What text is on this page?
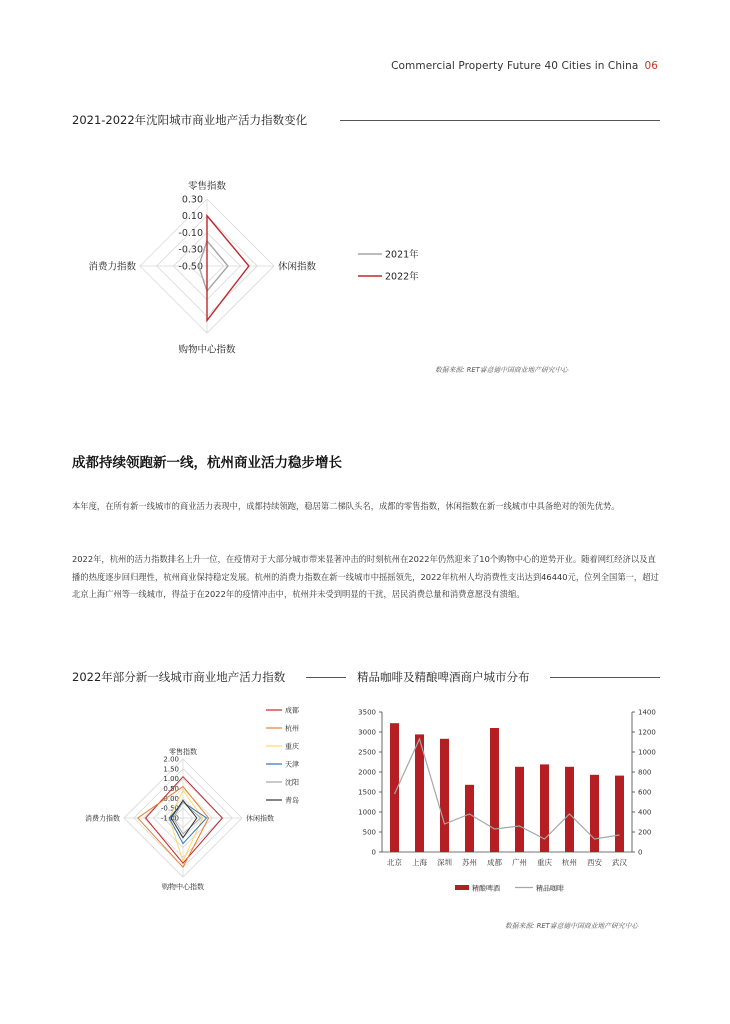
Commercial Property Future 40 Cities in China 06
2021-2022年沈阳城市商业地产活力指数变化
0.30
0.10
-0.10
-0.30
-0.50
零售指数
休闲指数
购物中心指数
消费力指数
2021年
2022年
数据来源: RET睿意德中国商业地产研究中心
成都持续领跑新一线，杭州商业活力稳步增长
本年度，在所有新一线城市的商业活力表现中，成都持续领跑，稳居第二梯队头名，成都的零售指数，休闲指数在新一线城市中具备绝对的领先优势。
2022年，杭州的活力指数排名上升一位，在疫情对于大部分城市带来显著冲击的时刻杭州在2022年仍然迎来了10个购物中心的逆势开业。随着网红经济以及直播的热度逐步回归理性，杭州商业保持稳定发展。杭州的消费力指数在新一线城市中摇摇领先，2022年杭州人均消费性支出达到46440元，位列全国第一，超过北京上海广州等一线城市，得益于在2022年的疫情冲击中，杭州并未受到明显的干扰，居民消费总量和消费意愿没有溃缩。
2022年部分新一线城市商业地产活力指数
2.00
1.50
1.00
0.50
0.00
-0.50
-1.00
零售指数
休闲指数
购物中心指数
消费力指数
成都
杭州
重庆
天津
沈阳
青岛
精品咖啡及精酿啤酒商户城市分布
0
500
1000
1500
2000
2500
3000
3500
0
200
400
600
800
1000
1200
1400
北京 上海 深圳 苏州 成都 广州 重庆 杭州 西安 武汉
精酿啤酒	精品咖啡
数据来源: RET睿意德中国商业地产研究中心
